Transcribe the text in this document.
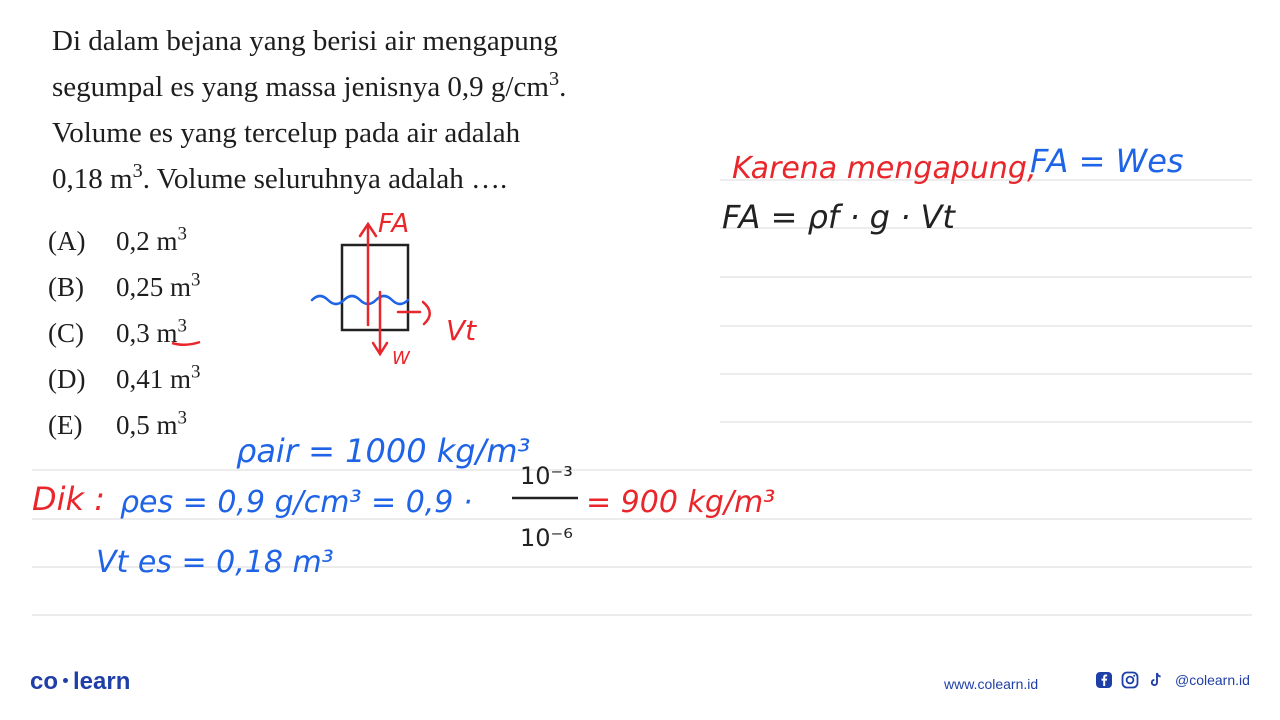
Di dalam bejana yang berisi air mengapung

segumpal es yang massa jenisnya 0,9 $g/cm^3$.

Volume es yang tercelup pada air adalah

0,18 $m^3$. Volume seluruhnya adalah ….

(A) 0,2 $m^3$
(B) 0,25 $m^3$
(C) 0,3 $m^3$
(D) 0,41 $m^3$
(E) 0,5 $m^3$
FA
Vt
W
Karena mengapung,
FA = Wes
FA = ρf · g · Vt
ρair = 1000 kg/m³
Dik : ρes = 0,9 g/cm³ = 0,9 ·
10⁻³
10⁻⁶
= 900 kg/m³
Vt es = 0,18 m³
co learn	www.colearn.id	@colearn.id
